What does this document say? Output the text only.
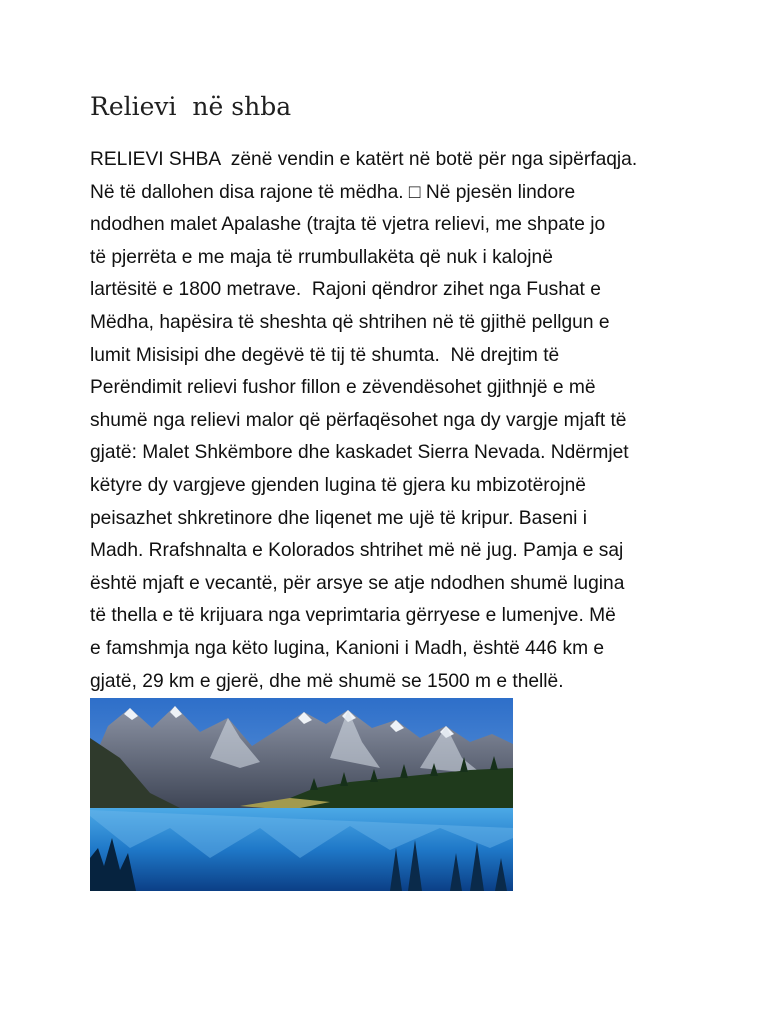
Relievi  në shba

RELIEVI SHBA  zënë vendin e katërt në botë për nga sipërfaqja.
Në të dallohen disa rajone të mëdha. □ Në pjesën lindore
ndodhen malet Apalashe (trajta të vjetra relievi, me shpate jo
të pjerrëta e me maja të rrumbullakëta që nuk i kalojnë
lartësitë e 1800 metrave.  Rajoni qëndror zihet nga Fushat e
Mëdha, hapësira të sheshta që shtrihen në të gjithë pellgun e
lumit Misisipi dhe degëvë të tij të shumta.  Në drejtim të
Perëndimit relievi fushor fillon e zëvendësohet gjithnjë e më
shumë nga relievi malor që përfaqësohet nga dy vargje mjaft të
gjatë: Malet Shkëmbore dhe kaskadet Sierra Nevada. Ndërmjet
këtyre dy vargjeve gjenden lugina të gjera ku mbizotërojnë
peisazhet shkretinore dhe liqenet me ujë të kripur. Baseni i
Madh. Rrafshnalta e Kolorados shtrihet më në jug. Pamja e saj
është mjaft e vecantë, për arsye se atje ndodhen shumë lugina
të thella e të krijuara nga veprimtaria gërryese e lumenjve. Më
e famshmja nga këto lugina, Kanioni i Madh, është 446 km e
gjatë, 29 km e gjerë, dhe më shumë se 1500 m e thellë.
